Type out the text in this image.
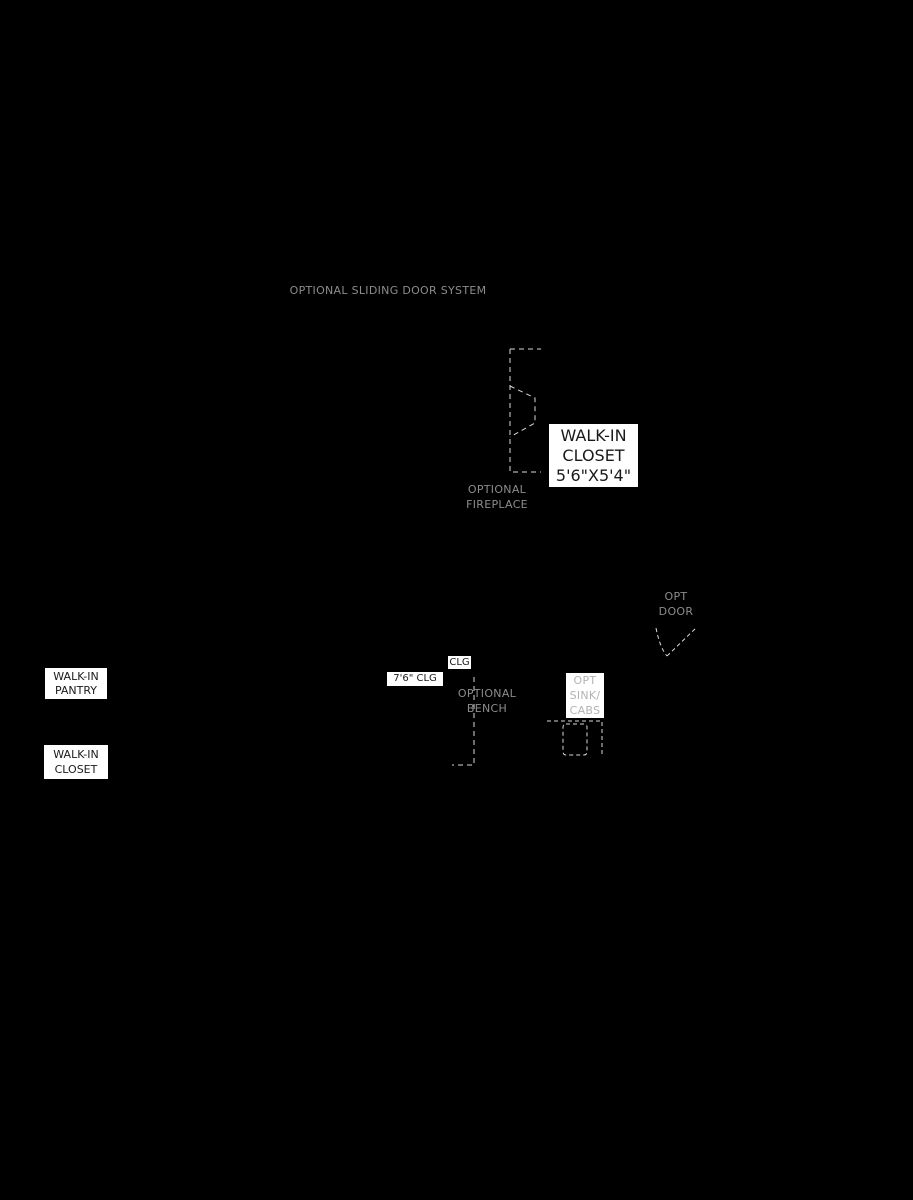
OPTIONAL SLIDING DOOR SYSTEM
OPTIONAL
FIREPLACE
WALK-IN
CLOSET
5'6"X5'4"
OPT
DOOR
CLG
7'6" CLG
OPTIONAL
BENCH
OPT
SINK/
CABS
WALK-IN
PANTRY
WALK-IN
CLOSET
